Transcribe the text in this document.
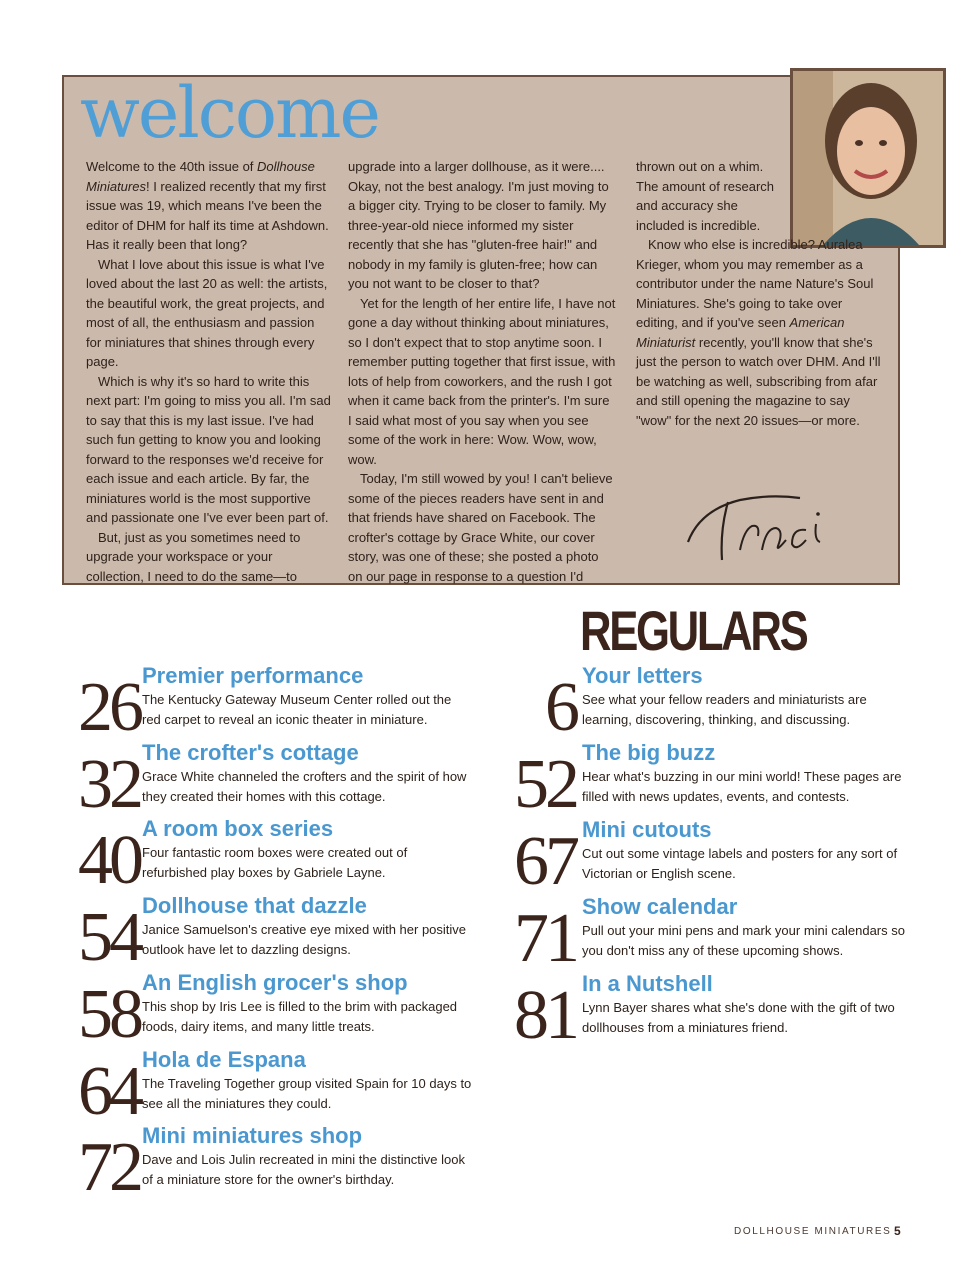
welcome

Welcome to the 40th issue of Dollhouse Miniatures! I realized recently that my first issue was 19, which means I've been the editor of DHM for half its time at Ashdown. Has it really been that long?

What I love about this issue is what I've loved about the last 20 as well: the artists, the beautiful work, the great projects, and most of all, the enthusiasm and passion for miniatures that shines through every page.

Which is why it's so hard to write this next part: I'm going to miss you all. I'm sad to say that this is my last issue. I've had such fun getting to know you and looking forward to the responses we'd receive for each issue and each article. By far, the miniatures world is the most supportive and passionate one I've ever been part of.

But, just as you sometimes need to upgrade your workspace or your collection, I need to do the same—to

upgrade into a larger dollhouse, as it were.... Okay, not the best analogy. I'm just moving to a bigger city. Trying to be closer to family. My three-year-old niece informed my sister recently that she has "gluten-free hair!" and nobody in my family is gluten-free; how can you not want to be closer to that?

Yet for the length of her entire life, I have not gone a day without thinking about miniatures, so I don't expect that to stop anytime soon. I remember putting together that first issue, with lots of help from coworkers, and the rush I got when it came back from the printer's. I'm sure I said what most of you say when you see some of the work in here: Wow. Wow, wow, wow.

Today, I'm still wowed by you! I can't believe some of the pieces readers have sent in and that friends have shared on Facebook. The crofter's cottage by Grace White, our cover story, was one of these; she posted a photo on our page in response to a question I'd

thrown out on a whim. The amount of research and accuracy she included is incredible.

Know who else is incredible? Auralea Krieger, whom you may remember as a contributor under the name Nature's Soul Miniatures. She's going to take over editing, and if you've seen American Miniaturist recently, you'll know that she's just the person to watch over DHM. And I'll be watching as well, subscribing from afar and still opening the magazine to say "wow" for the next 20 issues—or more.

REGULARS
26 Premier performance
The Kentucky Gateway Museum Center rolled out the red carpet to reveal an iconic theater in miniature.
32 The crofter's cottage
Grace White channeled the crofters and the spirit of how they created their homes with this cottage.
40 A room box series
Four fantastic room boxes were created out of refurbished play boxes by Gabriele Layne.
54 Dollhouse that dazzle
Janice Samuelson's creative eye mixed with her positive outlook have let to dazzling designs.
58 An English grocer's shop
This shop by Iris Lee is filled to the brim with packaged foods, dairy items, and many little treats.
64 Hola de Espana
The Traveling Together group visited Spain for 10 days to see all the miniatures they could.
72 Mini miniatures shop
Dave and Lois Julin recreated in mini the distinctive look of a miniature store for the owner's birthday.
6 Your letters
See what your fellow readers and miniaturists are learning, discovering, thinking, and discussing.
52 The big buzz
Hear what's buzzing in our mini world! These pages are filled with news updates, events, and contests.
67 Mini cutouts
Cut out some vintage labels and posters for any sort of Victorian or English scene.
71 Show calendar
Pull out your mini pens and mark your mini calendars so you don't miss any of these upcoming shows.
81 In a Nutshell
Lynn Bayer shares what she's done with the gift of two dollhouses from a miniatures friend.
DOLLHOUSE MINIATURES 5
